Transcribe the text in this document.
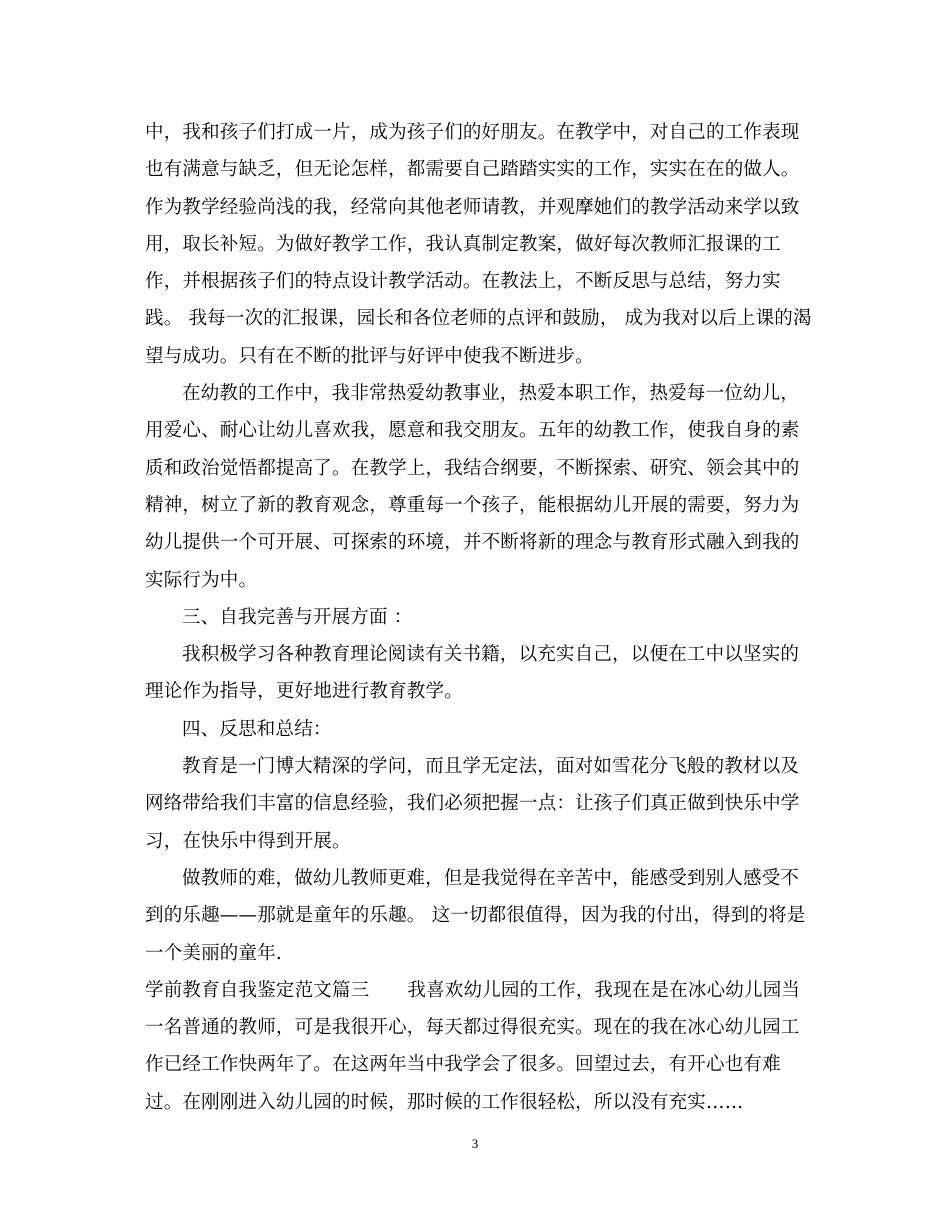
中，我和孩子们打成一片，成为孩子们的好朋友。在教学中，对自己的工作表现
也有满意与缺乏，但无论怎样，都需要自己踏踏实实的工作，实实在在的做人。
作为教学经验尚浅的我，经常向其他老师请教，并观摩她们的教学活动来学以致
用，取长补短。为做好教学工作，我认真制定教案，做好每次教师汇报课的工
作，并根据孩子们的特点设计教学活动。在教法上，不断反思与总结，努力实
践。 我每一次的汇报课，园长和各位老师的点评和鼓励， 成为我对以后上课的渴
望与成功。只有在不断的批评与好评中使我不断进步。
在幼教的工作中，我非常热爱幼教事业，热爱本职工作，热爱每一位幼儿，
用爱心、耐心让幼儿喜欢我，愿意和我交朋友。五年的幼教工作，使我自身的素
质和政治觉悟都提高了。在教学上，我结合纲要，不断探索、研究、领会其中的
精神，树立了新的教育观念，尊重每一个孩子，能根据幼儿开展的需要，努力为
幼儿提供一个可开展、可探索的环境，并不断将新的理念与教育形式融入到我的
实际行为中。
三、自我完善与开展方面 ：
我积极学习各种教育理论阅读有关书籍，以充实自己，以便在工中以坚实的
理论作为指导，更好地进行教育教学。
四、反思和总结：
教育是一门博大精深的学问，而且学无定法，面对如雪花分飞般的教材以及
网络带给我们丰富的信息经验，我们必须把握一点：让孩子们真正做到快乐中学
习，在快乐中得到开展。
做教师的难，做幼儿教师更难，但是我觉得在辛苦中，能感受到别人感受不
到的乐趣——那就是童年的乐趣。 这一切都很值得，因为我的付出，得到的将是
一个美丽的童年.
学前教育自我鉴定范文篇三 我喜欢幼儿园的工作，我现在是在冰心幼儿园当
一名普通的教师，可是我很开心，每天都过得很充实。现在的我在冰心幼儿园工
作已经工作快两年了。在这两年当中我学会了很多。回望过去，有开心也有难
过。在刚刚进入幼儿园的时候，那时候的工作很轻松，所以没有充实……
3
